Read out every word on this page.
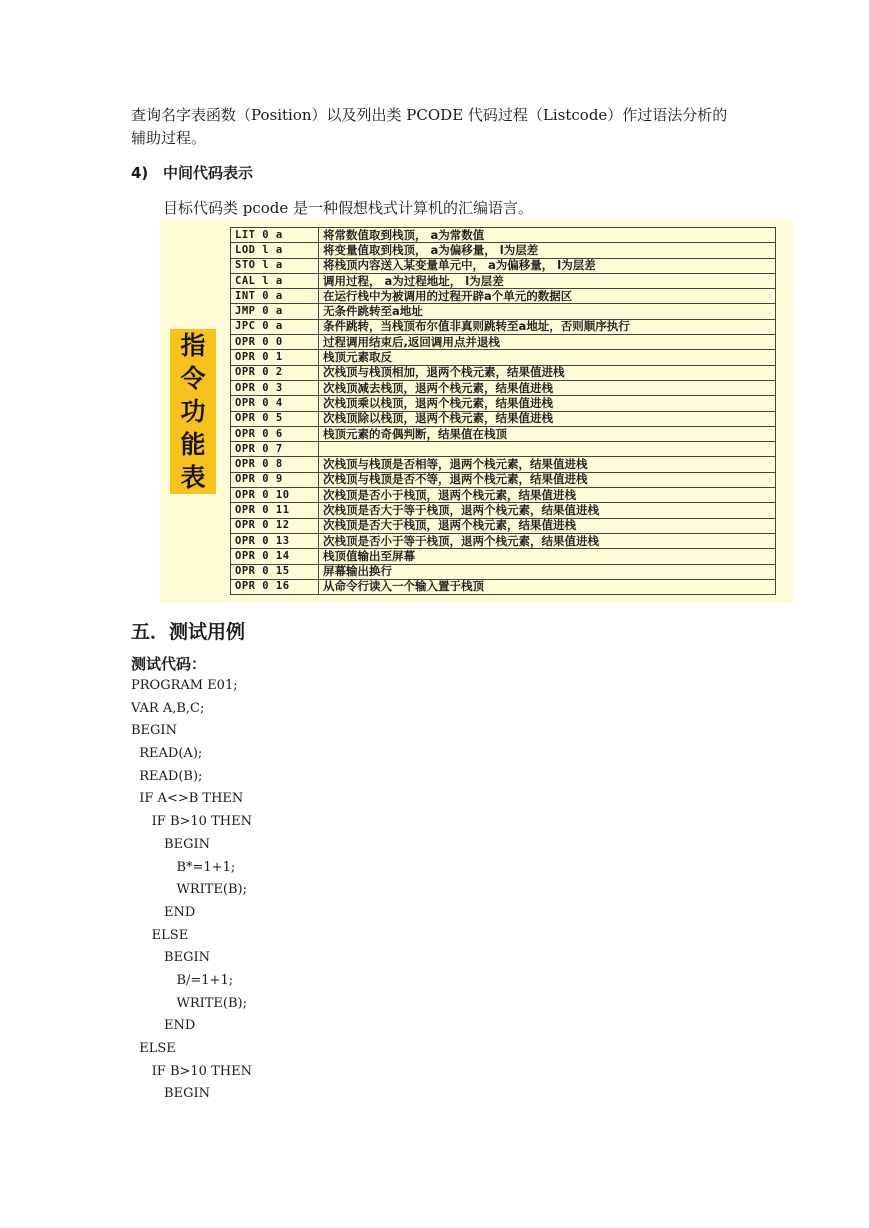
查询名字表函数（Position）以及列出类 PCODE 代码过程（Listcode）作过语法分析的
辅助过程。

4) 中间代码表示

目标代码类 pcode 是一种假想栈式计算机的汇编语言。

指
令
功
能
表
LIT 0 a	将常数值取到栈顶， a为常数值
LOD l a	将变量值取到栈顶， a为偏移量， l为层差
STO l a	将栈顶内容送入某变量单元中， a为偏移量， l为层差
CAL l a	调用过程， a为过程地址， l为层差
INT 0 a	在运行栈中为被调用的过程开辟a个单元的数据区
JMP 0 a	无条件跳转至a地址
JPC 0 a	条件跳转，当栈顶布尔值非真则跳转至a地址，否则顺序执行
OPR 0 0	过程调用结束后,返回调用点并退栈
OPR 0 1	栈顶元素取反
OPR 0 2	次栈顶与栈顶相加，退两个栈元素，结果值进栈
OPR 0 3	次栈顶减去栈顶，退两个栈元素，结果值进栈
OPR 0 4	次栈顶乘以栈顶，退两个栈元素，结果值进栈
OPR 0 5	次栈顶除以栈顶，退两个栈元素，结果值进栈
OPR 0 6	栈顶元素的奇偶判断，结果值在栈顶
OPR 0 7	
OPR 0 8	次栈顶与栈顶是否相等，退两个栈元素，结果值进栈
OPR 0 9	次栈顶与栈顶是否不等，退两个栈元素，结果值进栈
OPR 0 10	次栈顶是否小于栈顶，退两个栈元素，结果值进栈
OPR 0 11	次栈顶是否大于等于栈顶，退两个栈元素，结果值进栈
OPR 0 12	次栈顶是否大于栈顶，退两个栈元素，结果值进栈
OPR 0 13	次栈顶是否小于等于栈顶，退两个栈元素，结果值进栈
OPR 0 14	栈顶值输出至屏幕
OPR 0 15	屏幕输出换行
OPR 0 16	从命令行读入一个输入置于栈顶
五．测试用例
测试代码：
PROGRAM E01;
VAR A,B,C;
BEGIN
READ(A);
READ(B);
IF A<>B THEN
IF B>10 THEN
BEGIN
B*=1+1;
WRITE(B);
END
ELSE
BEGIN
B/=1+1;
WRITE(B);
END
ELSE
IF B>10 THEN
BEGIN
